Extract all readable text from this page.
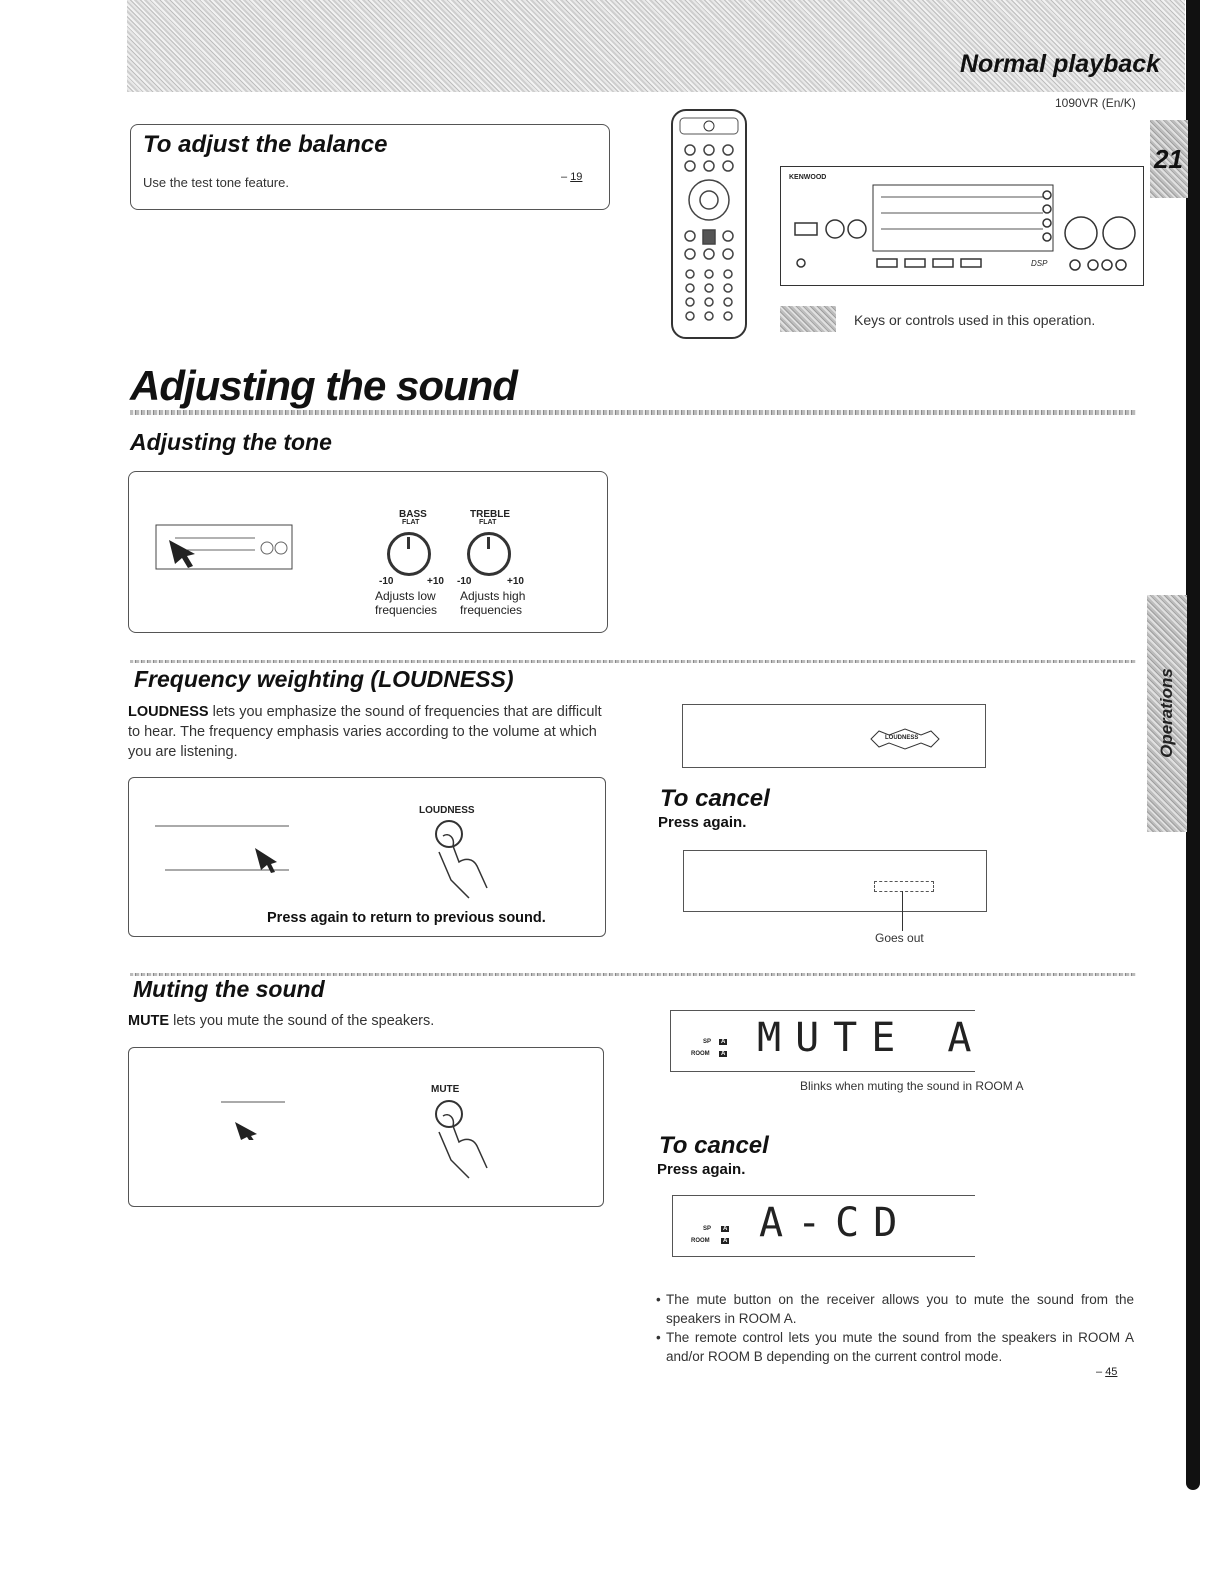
Normal playback
1090VR (En/K)
21
Operations
To adjust the balance
Use the test tone feature.	– 19	KENWOOD
DSP
Keys or controls used in this operation.
Adjusting the sound
Adjusting the tone
BASS
FLAT
TREBLE
FLAT
-10	+10 -10	+10
Adjusts low
frequencies
Adjusts high
frequencies
Frequency weighting (LOUDNESS)
LOUDNESS lets you emphasize the sound of frequencies that are difficult to hear. The frequency emphasis varies according to the volume at which you are listening.
LOUDNESS
Press again to return to previous sound.
LOUDNESS
To cancel
Press again.
Goes out
Muting the sound
MUTE lets you mute the sound of the speakers.
MUTE
SP
ROOM
A
A MUTE A
Blinks when muting the sound in ROOM A
To cancel
Press again.
SP
ROOM
A
A A-CD
• The mute button on the receiver allows you to mute the sound from the speakers in ROOM A.
• The remote control lets you mute the sound from the speakers in ROOM A and/or ROOM B depending on the current control mode.
– 45
